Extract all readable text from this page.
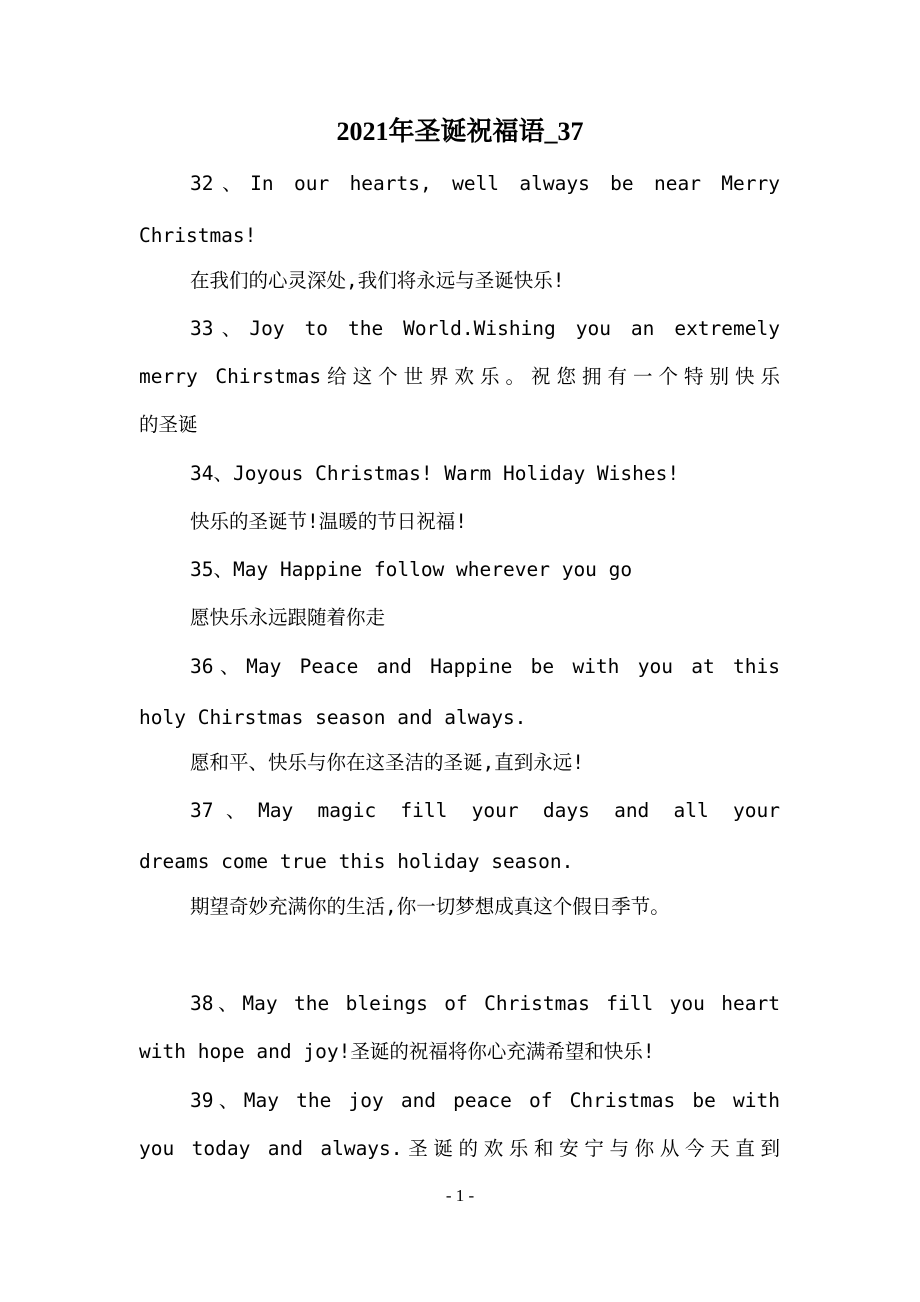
2021年圣诞祝福语_37
32、In our hearts, well always be near Merry
Christmas!
在我们的心灵深处,我们将永远与圣诞快乐!
33、Joy to the World.Wishing you an extremely
merry Chirstmas给这个世界欢乐。祝您拥有一个特别快乐
的圣诞
34、Joyous Christmas! Warm Holiday Wishes!
快乐的圣诞节!温暖的节日祝福!
35、May Happine follow wherever you go
愿快乐永远跟随着你走
36、May Peace and Happine be with you at this
holy Chirstmas season and always.
愿和平、快乐与你在这圣洁的圣诞,直到永远!
37、May magic fill your days and all your
dreams come true this holiday season.
期望奇妙充满你的生活,你一切梦想成真这个假日季节。
38、May the bleings of Christmas fill you heart
with hope and joy!圣诞的祝福将你心充满希望和快乐!
39、May the joy and peace of Christmas be with
you today and always.圣诞的欢乐和安宁与你从今天直到
- 1 -
